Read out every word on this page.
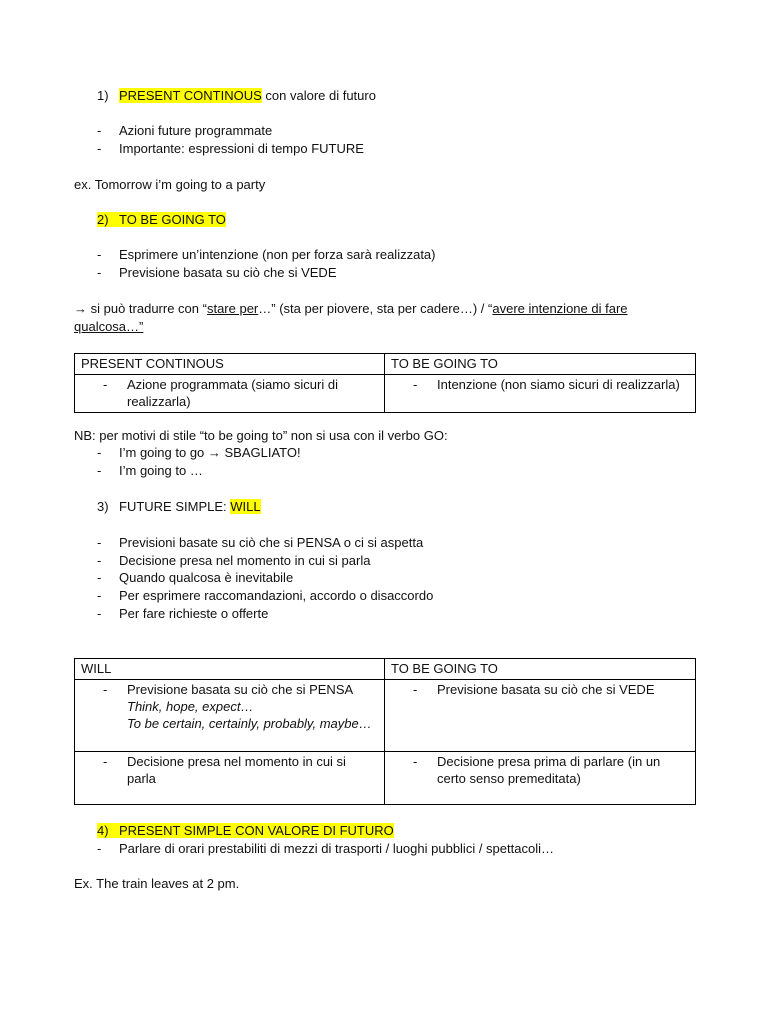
1) PRESENT CONTINOUS con valore di futuro
- Azioni future programmate
- Importante: espressioni di tempo FUTURE
ex. Tomorrow i’m going to a party
2) TO BE GOING TO
- Esprimere un’intenzione (non per forza sarà realizzata)
- Previsione basata su ciò che si VEDE
→ si può tradurre con “stare per…” (sta per piovere, sta per cadere…) / “avere intenzione di fare
qualcosa…”
PRESENT CONTINOUS	TO BE GOING TO

- Azione programmata (siamo sicuri di realizzarla)	- Intenzione (non siamo sicuri di realizzarla)
NB: per motivi di stile “to be going to” non si usa con il verbo GO:
- I’m going to go → SBAGLIATO!
- I’m going to …
3) FUTURE SIMPLE: WILL
- Previsioni basate su ciò che si PENSA o ci si aspetta
- Decisione presa nel momento in cui si parla
- Quando qualcosa è inevitabile
- Per esprimere raccomandazioni, accordo o disaccordo
- Per fare richieste o offerte
WILL	TO BE GOING TO

- Previsione basata su ciò che si PENSA
Think, hope, expect…
To be certain, certainly, probably, maybe…	- Previsione basata su ciò che si VEDE

- Decisione presa nel momento in cui si parla	- Decisione presa prima di parlare (in un certo senso premeditata)
4) PRESENT SIMPLE CON VALORE DI FUTURO
- Parlare di orari prestabiliti di mezzi di trasporti / luoghi pubblici / spettacoli…
Ex. The train leaves at 2 pm.
